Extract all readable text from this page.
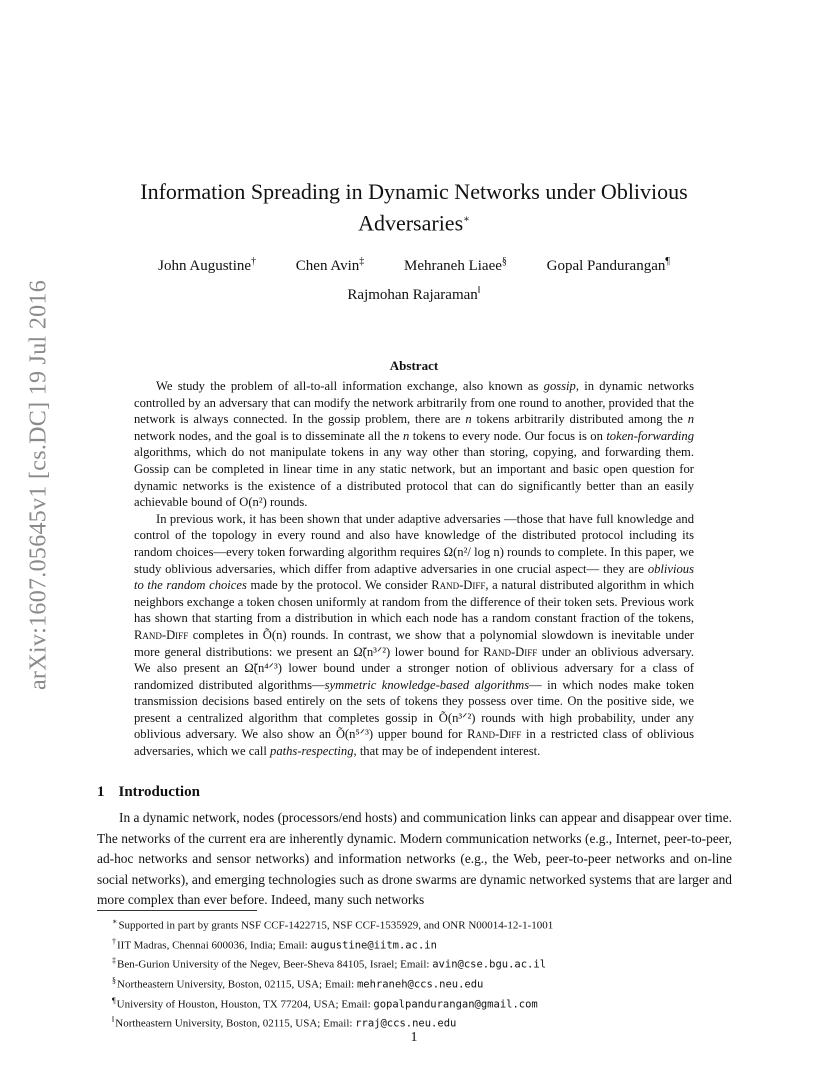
arXiv:1607.05645v1 [cs.DC] 19 Jul 2016
Information Spreading in Dynamic Networks under Oblivious
Adversaries∗
John Augustine†	Chen Avin‡	Mehraneh Liaee§	Gopal Pandurangan¶
Rajmohan Rajaraman‖
Abstract

We study the problem of all-to-all information exchange, also known as gossip, in dynamic networks controlled by an adversary that can modify the network arbitrarily from one round to another, provided that the network is always connected. In the gossip problem, there are n tokens arbitrarily distributed among the n network nodes, and the goal is to disseminate all the n tokens to every node. Our focus is on token-forwarding algorithms, which do not manipulate tokens in any way other than storing, copying, and forwarding them. Gossip can be completed in linear time in any static network, but an important and basic open question for dynamic networks is the existence of a distributed protocol that can do significantly better than an easily achievable bound of O(n²) rounds.

In previous work, it has been shown that under adaptive adversaries —those that have full knowledge and control of the topology in every round and also have knowledge of the distributed protocol including its random choices—every token forwarding algorithm requires Ω(n²/ log n) rounds to complete. In this paper, we study oblivious adversaries, which differ from adaptive adversaries in one crucial aspect— they are oblivious to the random choices made by the protocol. We consider Rand-Diff, a natural distributed algorithm in which neighbors exchange a token chosen uniformly at random from the difference of their token sets. Previous work has shown that starting from a distribution in which each node has a random constant fraction of the tokens, Rand-Diff completes in Õ(n) rounds. In contrast, we show that a polynomial slowdown is inevitable under more general distributions: we present an Ω̃(n³ᐟ²) lower bound for Rand-Diff under an oblivious adversary. We also present an Ω̃(n⁴ᐟ³) lower bound under a stronger notion of oblivious adversary for a class of randomized distributed algorithms—symmetric knowledge-based algorithms— in which nodes make token transmission decisions based entirely on the sets of tokens they possess over time. On the positive side, we present a centralized algorithm that completes gossip in Õ(n³ᐟ²) rounds with high probability, under any oblivious adversary. We also show an Õ(n⁵ᐟ³) upper bound for Rand-Diff in a restricted class of oblivious adversaries, which we call paths-respecting, that may be of independent interest.

1 Introduction

In a dynamic network, nodes (processors/end hosts) and communication links can appear and disappear over time. The networks of the current era are inherently dynamic. Modern communication networks (e.g., Internet, peer-to-peer, ad-hoc networks and sensor networks) and information networks (e.g., the Web, peer-to-peer networks and on-line social networks), and emerging technologies such as drone swarms are dynamic networked systems that are larger and more complex than ever before. Indeed, many such networks

∗Supported in part by grants NSF CCF-1422715, NSF CCF-1535929, and ONR N00014-12-1-1001
†IIT Madras, Chennai 600036, India; Email: augustine@iitm.ac.in
‡Ben-Gurion University of the Negev, Beer-Sheva 84105, Israel; Email: avin@cse.bgu.ac.il
§Northeastern University, Boston, 02115, USA; Email: mehraneh@ccs.neu.edu
¶University of Houston, Houston, TX 77204, USA; Email: gopalpandurangan@gmail.com
‖Northeastern University, Boston, 02115, USA; Email: rraj@ccs.neu.edu
1
